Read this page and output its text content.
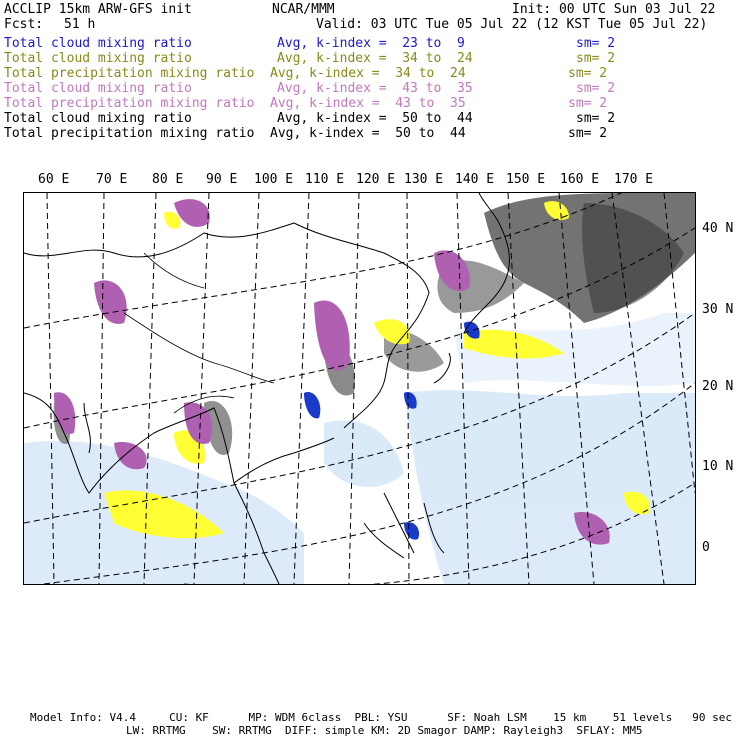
ACCLIP 15km ARW-GFS init	NCAR/MMM	Init: 00 UTC Sun 03 Jul 22
Fcst: 51 h	Valid: 03 UTC Tue 05 Jul 22 (12 KST Tue 05 Jul 22)
Total cloud mixing ratio	Avg, k-index =  23 to  9	sm= 2
Total cloud mixing ratio	Avg, k-index =  34 to  24	sm= 2
Total precipitation mixing ratio Avg, k-index =  34 to  24	sm= 2
Total cloud mixing ratio	Avg, k-index =  43 to  35	sm= 2
Total precipitation mixing ratio Avg, k-index =  43 to  35	sm= 2
Total cloud mixing ratio	Avg, k-index =  50 to  44	sm= 2
Total precipitation mixing ratio Avg, k-index =  50 to  44	sm= 2
60 E 70 E 80 E 90 E 100 E 110 E 120 E 130 E 140 E 150 E 160 E 170 E
40 N
30 N
20 N
10 N
0
Model Info: V4.4     CU: KF      MP: WDM 6class  PBL: YSU      SF: Noah LSM    15 km    51 levels   90 sec
LW: RRTMG    SW: RRTMG  DIFF: simple KM: 2D Smagor DAMP: Rayleigh3  SFLAY: MM5
